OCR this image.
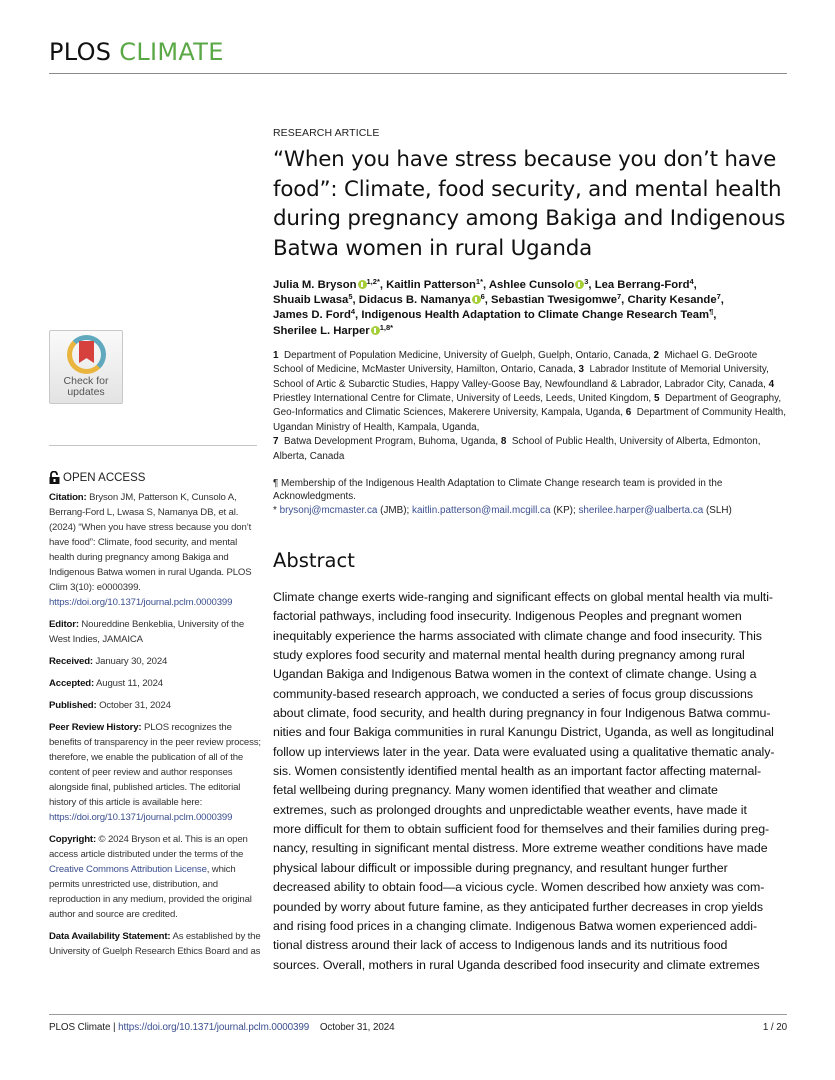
PLOS CLIMATE
Check for
updates
OPEN ACCESS

Citation: Bryson JM, Patterson K, Cunsolo A, Berrang-Ford L, Lwasa S, Namanya DB, et al. (2024) “When you have stress because you don’t have food”: Climate, food security, and mental health during pregnancy among Bakiga and Indigenous Batwa women in rural Uganda. PLOS Clim 3(10): e0000399. https://doi.org/10.1371/journal.pclm.0000399

Editor: Noureddine Benkeblia, University of the West Indies, JAMAICA

Received: January 30, 2024

Accepted: August 11, 2024

Published: October 31, 2024

Peer Review History: PLOS recognizes the benefits of transparency in the peer review process; therefore, we enable the publication of all of the content of peer review and author responses alongside final, published articles. The editorial history of this article is available here: https://doi.org/10.1371/journal.pclm.0000399

Copyright: © 2024 Bryson et al. This is an open access article distributed under the terms of the Creative Commons Attribution License, which permits unrestricted use, distribution, and reproduction in any medium, provided the original author and source are credited.

Data Availability Statement: As established by the University of Guelph Research Ethics Board and as

RESEARCH ARTICLE
“When you have stress because you don’t have food”: Climate, food security, and mental health during pregnancy among Bakiga and Indigenous Batwa women in rural Uganda
Julia M. Bryson $^{1,2*}$, Kaitlin Patterson$^{1*}$, Ashlee Cunsolo $^3$, Lea Berrang-Ford$^4$,
Shuaib Lwasa$^5$, Didacus B. Namanya $^6$, Sebastian Twesigomwe$^7$, Charity Kesande$^7$,
James D. Ford$^4$, Indigenous Health Adaptation to Climate Change Research Team¶,
Sherilee L. Harper $^{1,8*}$
1 Department of Population Medicine, University of Guelph, Guelph, Ontario, Canada, 2 Michael G. DeGroote School of Medicine, McMaster University, Hamilton, Ontario, Canada, 3 Labrador Institute of Memorial University, School of Artic & Subarctic Studies, Happy Valley-Goose Bay, Newfoundland & Labrador, Labrador City, Canada, 4  Priestley International Centre for Climate, University of Leeds, Leeds, United Kingdom, 5 Department of Geography, Geo-Informatics and Climatic Sciences, Makerere University, Kampala, Uganda, 6 Department of Community Health, Ugandan Ministry of Health, Kampala, Uganda,
7 Batwa Development Program, Buhoma, Uganda, 8 School of Public Health, University of Alberta, Edmonton, Alberta, Canada
¶ Membership of the Indigenous Health Adaptation to Climate Change research team is provided in the Acknowledgments.
* brysonj@mcmaster.ca (JMB); kaitlin.patterson@mail.mcgill.ca (KP); sherilee.harper@ualberta.ca (SLH)
Abstract
Climate change exerts wide-ranging and significant effects on global mental health via multi-
factorial pathways, including food insecurity. Indigenous Peoples and pregnant women
inequitably experience the harms associated with climate change and food insecurity. This
study explores food security and maternal mental health during pregnancy among rural
Ugandan Bakiga and Indigenous Batwa women in the context of climate change. Using a
community-based research approach, we conducted a series of focus group discussions
about climate, food security, and health during pregnancy in four Indigenous Batwa commu-
nities and four Bakiga communities in rural Kanungu District, Uganda, as well as longitudinal
follow up interviews later in the year. Data were evaluated using a qualitative thematic analy-
sis. Women consistently identified mental health as an important factor affecting maternal-
fetal wellbeing during pregnancy. Many women identified that weather and climate
extremes, such as prolonged droughts and unpredictable weather events, have made it
more difficult for them to obtain sufficient food for themselves and their families during preg-
nancy, resulting in significant mental distress. More extreme weather conditions have made
physical labour difficult or impossible during pregnancy, and resultant hunger further
decreased ability to obtain food—a vicious cycle. Women described how anxiety was com-
pounded by worry about future famine, as they anticipated further decreases in crop yields
and rising food prices in a changing climate. Indigenous Batwa women experienced addi-
tional distress around their lack of access to Indigenous lands and its nutritious food
sources. Overall, mothers in rural Uganda described food insecurity and climate extremes
PLOS Climate | https://doi.org/10.1371/journal.pclm.0000399 October 31, 2024	1 / 20
